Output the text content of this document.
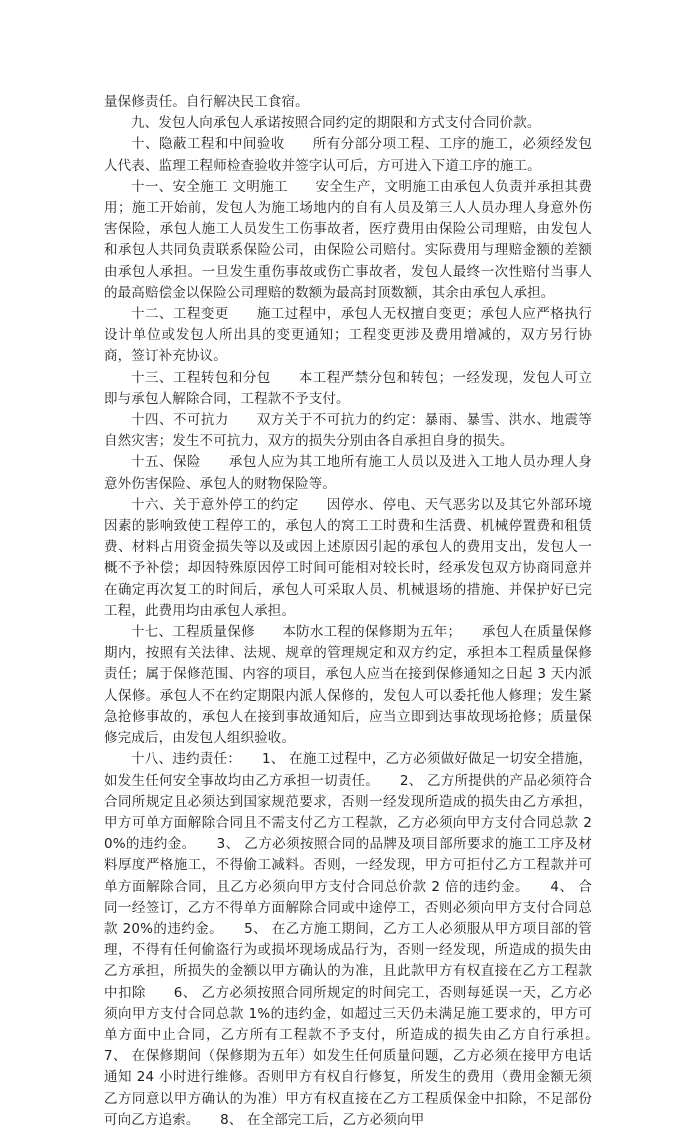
量保修责任。自行解决民工食宿。

九、发包人向承包人承诺按照合同约定的期限和方式支付合同价款。

十、隐蔽工程和中间验收　　所有分部分项工程、工序的施工，必须经发包人代表、监理工程师检查验收并签字认可后，方可进入下道工序的施工。

十一、安全施工 文明施工　　安全生产，文明施工由承包人负责并承担其费用；施工开始前，发包人为施工场地内的自有人员及第三人人员办理人身意外伤害保险，承包人施工人员发生工伤事故者，医疗费用由保险公司理赔，由发包人和承包人共同负责联系保险公司，由保险公司赔付。实际费用与理赔金额的差额由承包人承担。一旦发生重伤事故或伤亡事故者，发包人最终一次性赔付当事人的最高赔偿金以保险公司理赔的数额为最高封顶数额，其余由承包人承担。

十二、工程变更　　施工过程中，承包人无权擅自变更；承包人应严格执行设计单位或发包人所出具的变更通知；工程变更涉及费用增减的，双方另行协商，签订补充协议。

十三、工程转包和分包　　本工程严禁分包和转包；一经发现，发包人可立即与承包人解除合同，工程款不予支付。

十四、不可抗力　　双方关于不可抗力的约定：暴雨、暴雪、洪水、地震等自然灾害；发生不可抗力，双方的损失分别由各自承担自身的损失。

十五、保险　　承包人应为其工地所有施工人员以及进入工地人员办理人身意外伤害保险、承包人的财物保险等。

十六、关于意外停工的约定　　因停水、停电、天气恶劣以及其它外部环境因素的影响致使工程停工的，承包人的窝工工时费和生活费、机械停置费和租赁费、材料占用资金损失等以及或因上述原因引起的承包人的费用支出，发包人一概不予补偿；却因特殊原因停工时间可能相对较长时，经承发包双方协商同意并在确定再次复工的时间后，承包人可采取人员、机械退场的措施、并保护好已完工程，此费用均由承包人承担。

十七、工程质量保修　　本防水工程的保修期为五年；　　承包人在质量保修期内，按照有关法律、法规、规章的管理规定和双方约定，承担本工程质量保修责任；属于保修范围、内容的项目，承包人应当在接到保修通知之日起 3 天内派人保修。承包人不在约定期限内派人保修的，发包人可以委托他人修理；发生紧急抢修事故的，承包人在接到事故通知后，应当立即到达事故现场抢修；质量保修完成后，由发包人组织验收。

十八、违约责任：　　1、 在施工过程中，乙方必须做好做足一切安全措施，如发生任何安全事故均由乙方承担一切责任。　　2、 乙方所提供的产品必须符合合同所规定且必须达到国家规范要求，否则一经发现所造成的损失由乙方承担，甲方可单方面解除合同且不需支付乙方工程款，乙方必须向甲方支付合同总款 20%的违约金。　　3、 乙方必须按照合同的品牌及项目部所要求的施工工序及材料厚度严格施工，不得偷工减料。否则，一经发现，甲方可拒付乙方工程款并可单方面解除合同，且乙方必须向甲方支付合同总价款 2 倍的违约金。　　4、 合同一经签订，乙方不得单方面解除合同或中途停工，否则必须向甲方支付合同总款 20%的违约金。　　5、 在乙方施工期间，乙方工人必须服从甲方项目部的管理，不得有任何偷盗行为或损坏现场成品行为，否则一经发现，所造成的损失由乙方承担，所损失的金额以甲方确认的为准，且此款甲方有权直接在乙方工程款中扣除　　6、 乙方必须按照合同所规定的时间完工，否则每延误一天，乙方必须向甲方支付合同总款 1%的违约金，如超过三天仍未满足施工要求的，甲方可单方面中止合同，乙方所有工程款不予支付，所造成的损失由乙方自行承担。　　7、 在保修期间（保修期为五年）如发生任何质量问题，乙方必须在接甲方电话通知 24 小时进行维修。否则甲方有权自行修复，所发生的费用（费用金额无须乙方同意以甲方确认的为准）甲方有权直接在乙方工程质保金中扣除，不足部份可向乙方追索。　　8、 在全部完工后，乙方必须向甲
